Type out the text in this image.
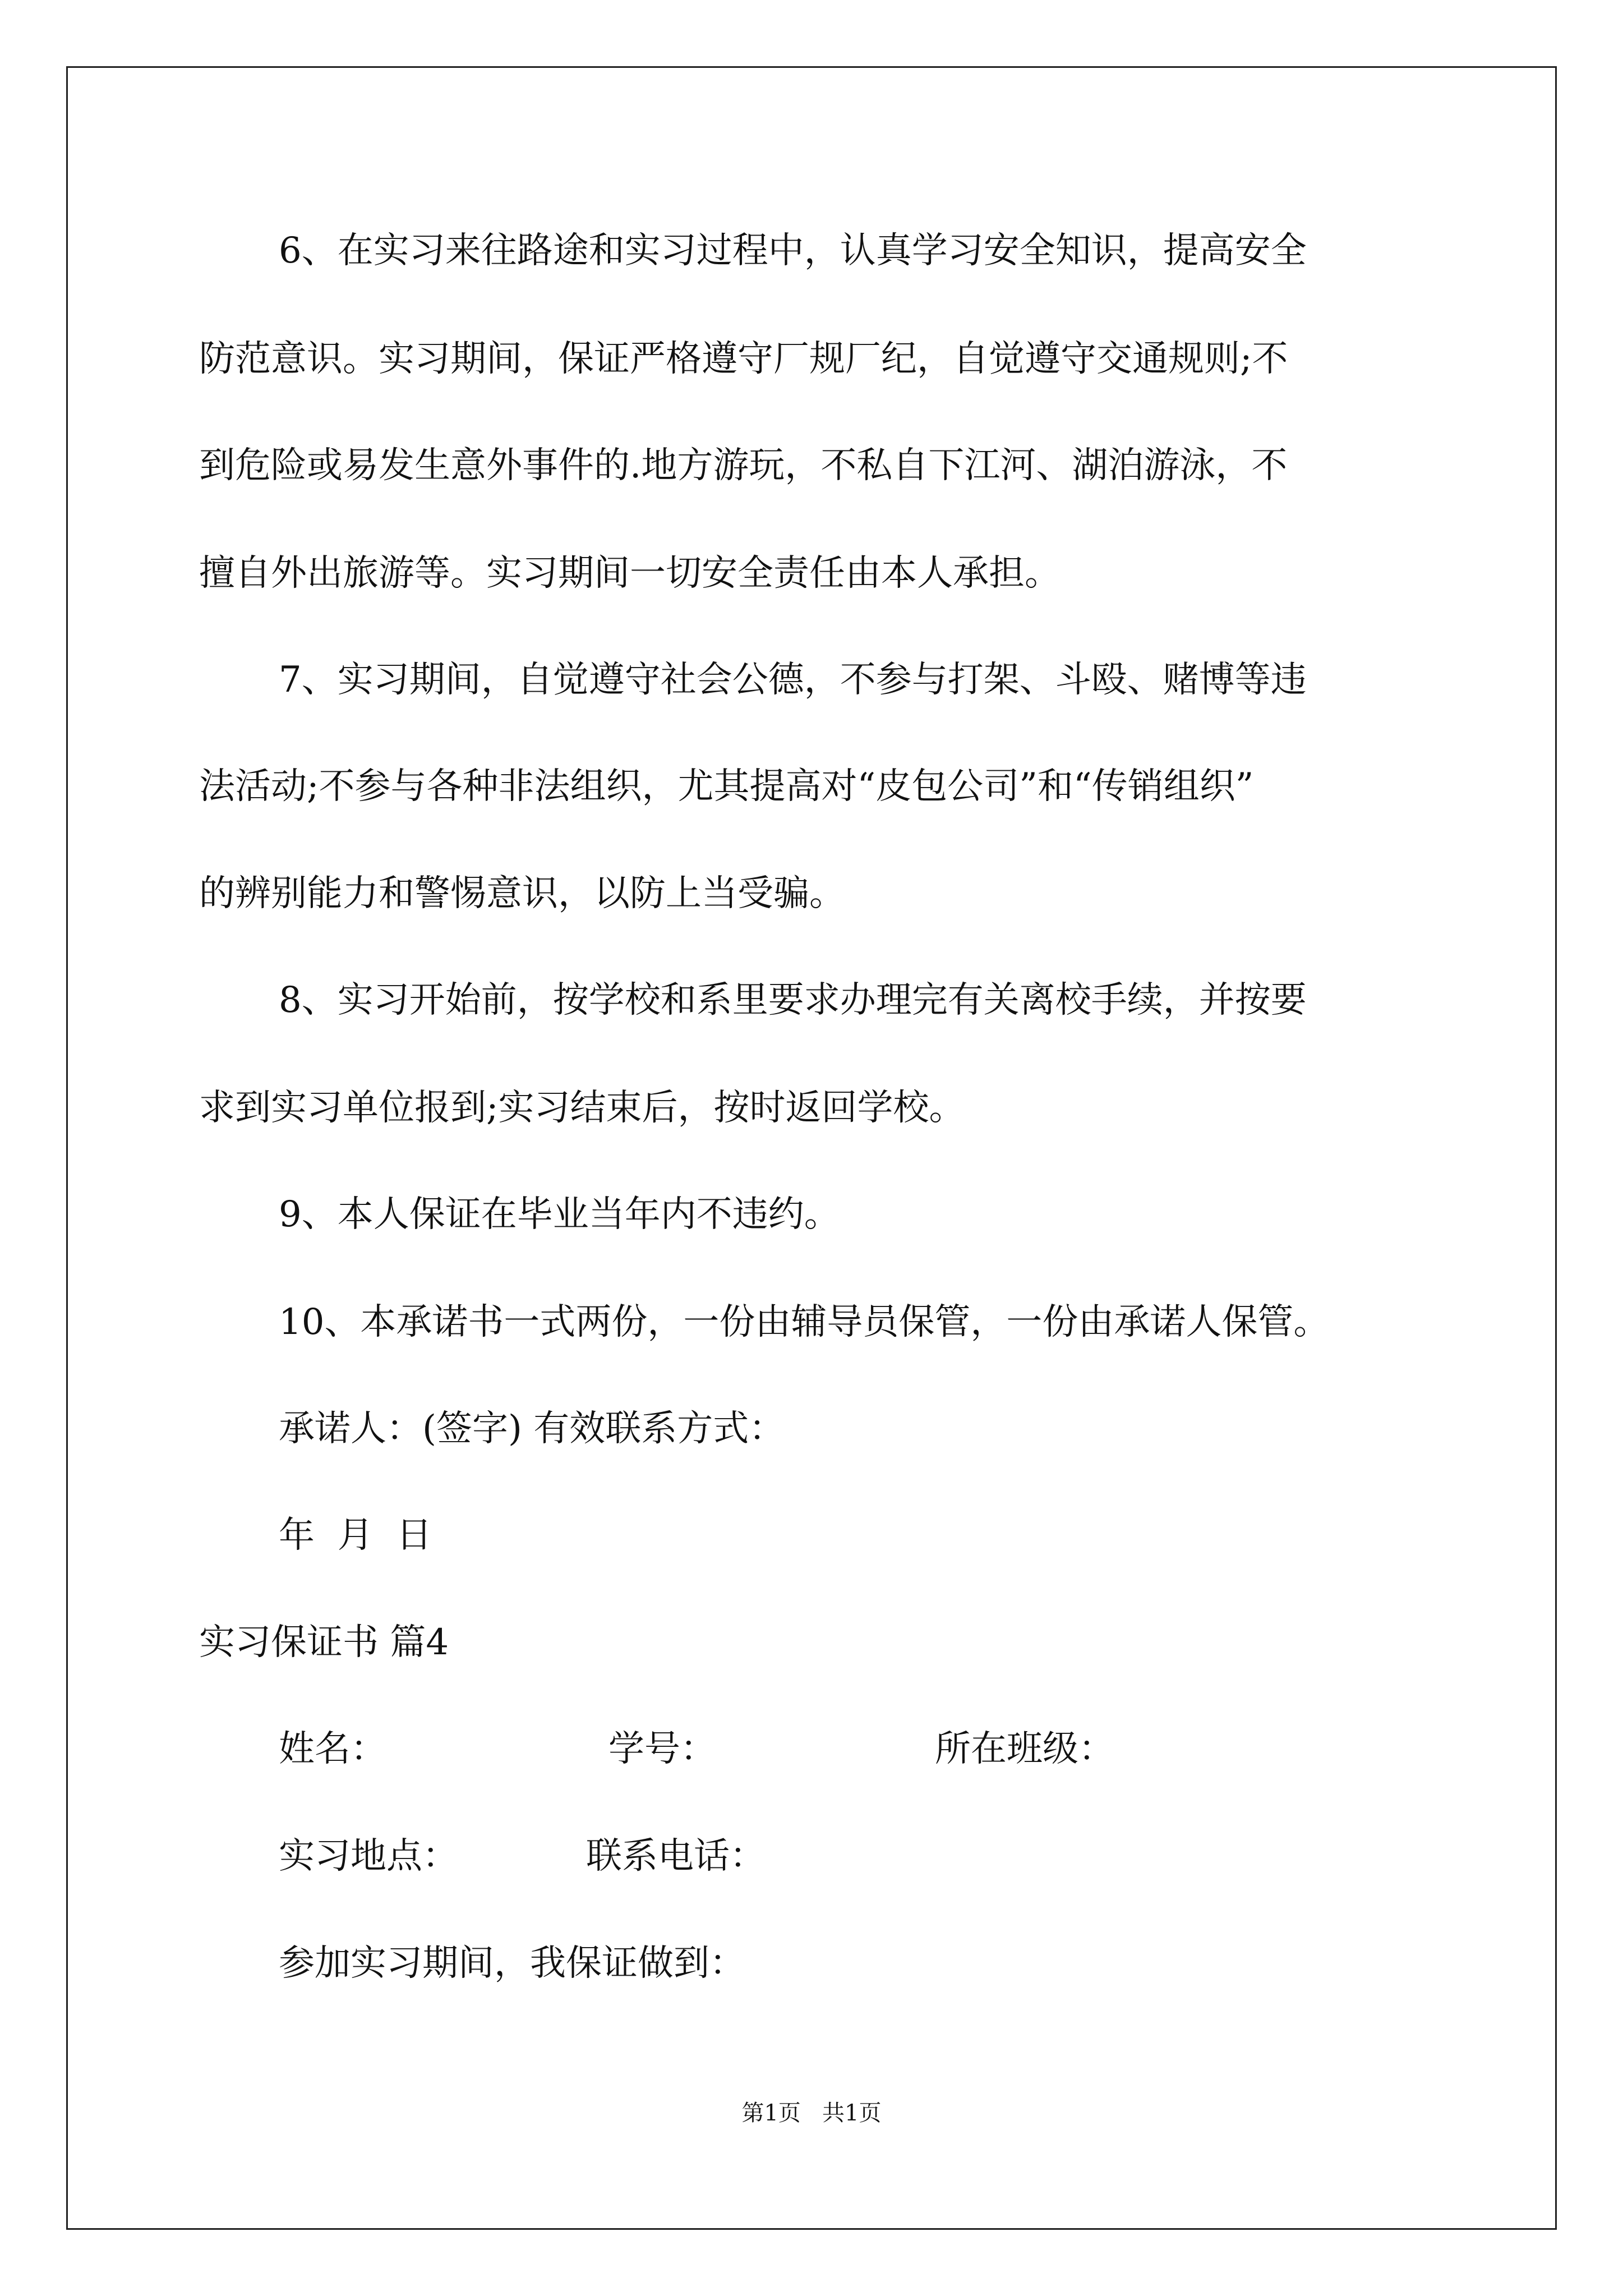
6、在实习来往路途和实习过程中，认真学习安全知识，提高安全
防范意识。实习期间，保证严格遵守厂规厂纪，自觉遵守交通规则;不
到危险或易发生意外事件的.地方游玩，不私自下江河、湖泊游泳，不
擅自外出旅游等。实习期间一切安全责任由本人承担。
7、实习期间，自觉遵守社会公德，不参与打架、斗殴、赌博等违
法活动;不参与各种非法组织，尤其提高对“皮包公司”和“传销组织”
的辨别能力和警惕意识，以防上当受骗。
8、实习开始前，按学校和系里要求办理完有关离校手续，并按要
求到实习单位报到;实习结束后，按时返回学校。
9、本人保证在毕业当年内不违约。
10、本承诺书一式两份，一份由辅导员保管，一份由承诺人保管。
承诺人：(签字) 有效联系方式：
年  月  日
实习保证书 篇4
姓名：	学号：	所在班级：
实习地点：	联系电话：
参加实习期间，我保证做到：
第1页   共1页
